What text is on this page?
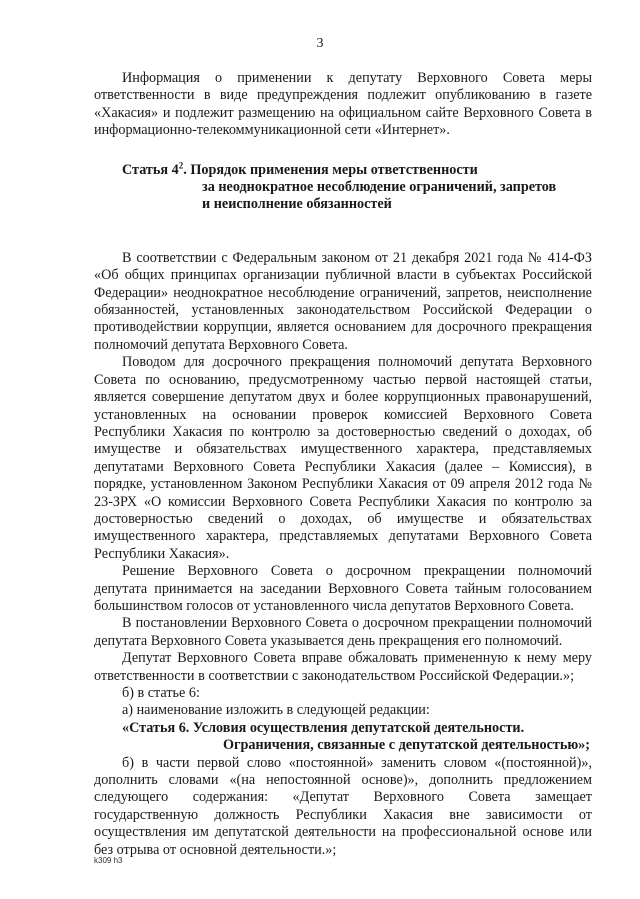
3

Информация о применении к депутату Верховного Совета меры ответственности в виде предупреждения подлежит опубликованию в газете «Хакасия» и подлежит размещению на официальном сайте Верховного Совета в информационно-телекоммуникационной сети «Интернет».

Статья $4^2$. Порядок применения меры ответственности
за неоднократное несоблюдение ограничений, запретов
и неисполнение обязанностей

В соответствии с Федеральным законом от 21 декабря 2021 года № 414-ФЗ «Об общих принципах организации публичной власти в субъектах Российской Федерации» неоднократное несоблюдение ограничений, запретов, неисполнение обязанностей, установленных законодательством Российской Федерации о противодействии коррупции, является основанием для досрочного прекращения полномочий депутата Верховного Совета.

Поводом для досрочного прекращения полномочий депутата Верховного Совета по основанию, предусмотренному частью первой настоящей статьи, является совершение депутатом двух и более коррупционных правонарушений, установленных на основании проверок комиссией Верховного Совета Республики Хакасия по контролю за достоверностью сведений о доходах, об имуществе и обязательствах имущественного характера, представляемых депутатами Верховного Совета Республики Хакасия (далее – Комиссия), в порядке, установленном Законом Республики Хакасия от 09 апреля 2012 года № 23-ЗРХ «О комиссии Верховного Совета Республики Хакасия по контролю за достоверностью сведений о доходах, об имуществе и обязательствах имущественного характера, представляемых депутатами Верховного Совета Республики Хакасия».

Решение Верховного Совета о досрочном прекращении полномочий депутата принимается на заседании Верховного Совета тайным голосованием большинством голосов от установленного числа депутатов Верховного Совета.

В постановлении Верховного Совета о досрочном прекращении полномочий депутата Верховного Совета указывается день прекращения его полномочий.

Депутат Верховного Совета вправе обжаловать примененную к нему меру ответственности в соответствии с законодательством Российской Федерации.»;

б) в статье 6:

а) наименование изложить в следующей редакции:

«Статья 6. Условия осуществления депутатской деятельности.

Ограничения, связанные с депутатской деятельностью»;

б) в части первой слово «постоянной» заменить словом «(постоянной)», дополнить словами «(на непостоянной основе)», дополнить предложением следующего содержания: «Депутат Верховного Совета замещает государственную должность Республики Хакасия вне зависимости от осуществления им депутатской деятельности на профессиональной основе или без отрыва от основной деятельности.»;

k309 h3
